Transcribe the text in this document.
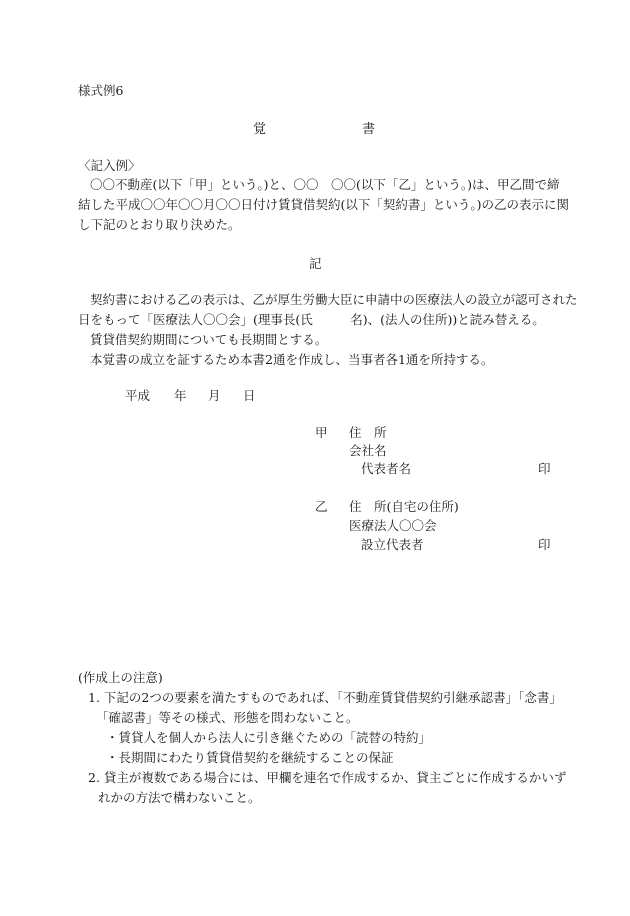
様式例6
覚	書
〈記入例〉
〇〇不動産(以下「甲」という。)と、〇〇　〇〇(以下「乙」という。)は、甲乙間で締
結した平成〇〇年〇〇月〇〇日付け賃貸借契約(以下「契約書」という。)の乙の表示に関
し下記のとおり取り決めた。
記
契約書における乙の表示は、乙が厚生労働大臣に申請中の医療法人の設立が認可された
日をもって「医療法人〇〇会」(理事長(氏　　　名)、(法人の住所))と読み替える。
賃貸借契約期間についても長期間とする。
本覚書の成立を証するため本書2通を作成し、当事者各1通を所持する。
平成 年 月 日
甲 住　所
会社名
代表者名	印
乙 住　所(自宅の住所)
医療法人〇〇会
設立代表者	印
(作成上の注意)
1. 下記の2つの要素を満たすものであれば、「不動産賃貸借契約引継承認書」「念書」
「確認書」等その様式、形態を問わないこと。
・賃貸人を個人から法人に引き継ぐための「読替の特約」
・長期間にわたり賃貸借契約を継続することの保証
2. 貸主が複数である場合には、甲欄を連名で作成するか、貸主ごとに作成するかいず
れかの方法で構わないこと。
